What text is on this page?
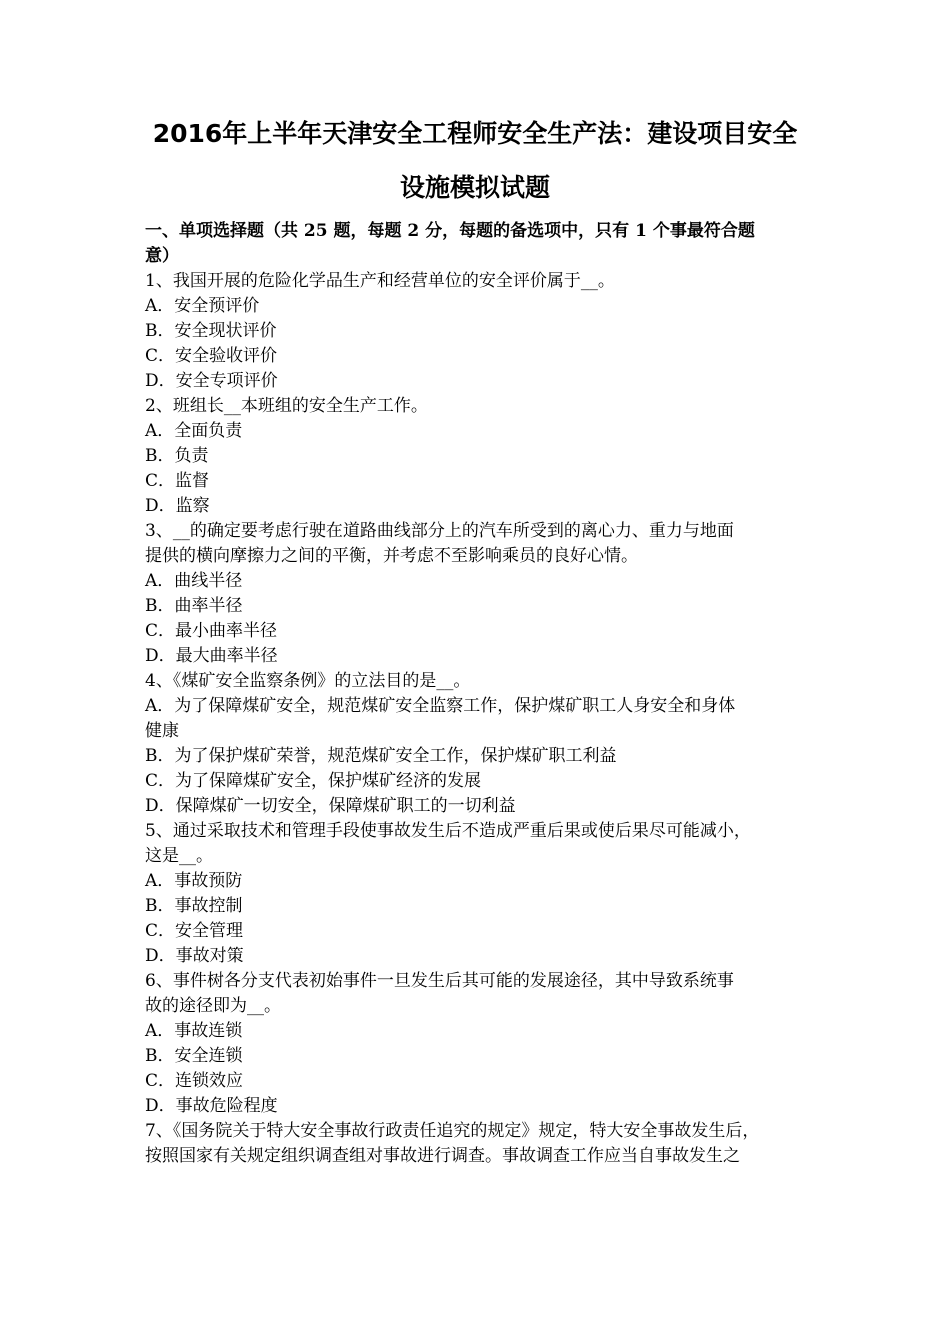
2016年上半年天津安全工程师安全生产法：建设项目安全
设施模拟试题
一、单项选择题（共 25 题，每题 2 分，每题的备选项中，只有 1 个事最符合题
意）
1、我国开展的危险化学品生产和经营单位的安全评价属于__。
A．安全预评价
B．安全现状评价
C．安全验收评价
D．安全专项评价
2、班组长__本班组的安全生产工作。
A．全面负责
B．负责
C．监督
D．监察
3、__的确定要考虑行驶在道路曲线部分上的汽车所受到的离心力、重力与地面
提供的横向摩擦力之间的平衡，并考虑不至影响乘员的良好心情。
A．曲线半径
B．曲率半径
C．最小曲率半径
D．最大曲率半径
4、《煤矿安全监察条例》的立法目的是__。
A．为了保障煤矿安全，规范煤矿安全监察工作，保护煤矿职工人身安全和身体
健康
B．为了保护煤矿荣誉，规范煤矿安全工作，保护煤矿职工利益
C．为了保障煤矿安全，保护煤矿经济的发展
D．保障煤矿一切安全，保障煤矿职工的一切利益
5、通过采取技术和管理手段使事故发生后不造成严重后果或使后果尽可能减小，
这是__。
A．事故预防
B．事故控制
C．安全管理
D．事故对策
6、事件树各分支代表初始事件一旦发生后其可能的发展途径，其中导致系统事
故的途径即为__。
A．事故连锁
B．安全连锁
C．连锁效应
D．事故危险程度
7、《国务院关于特大安全事故行政责任追究的规定》规定，特大安全事故发生后，
按照国家有关规定组织调查组对事故进行调查。事故调查工作应当自事故发生之
